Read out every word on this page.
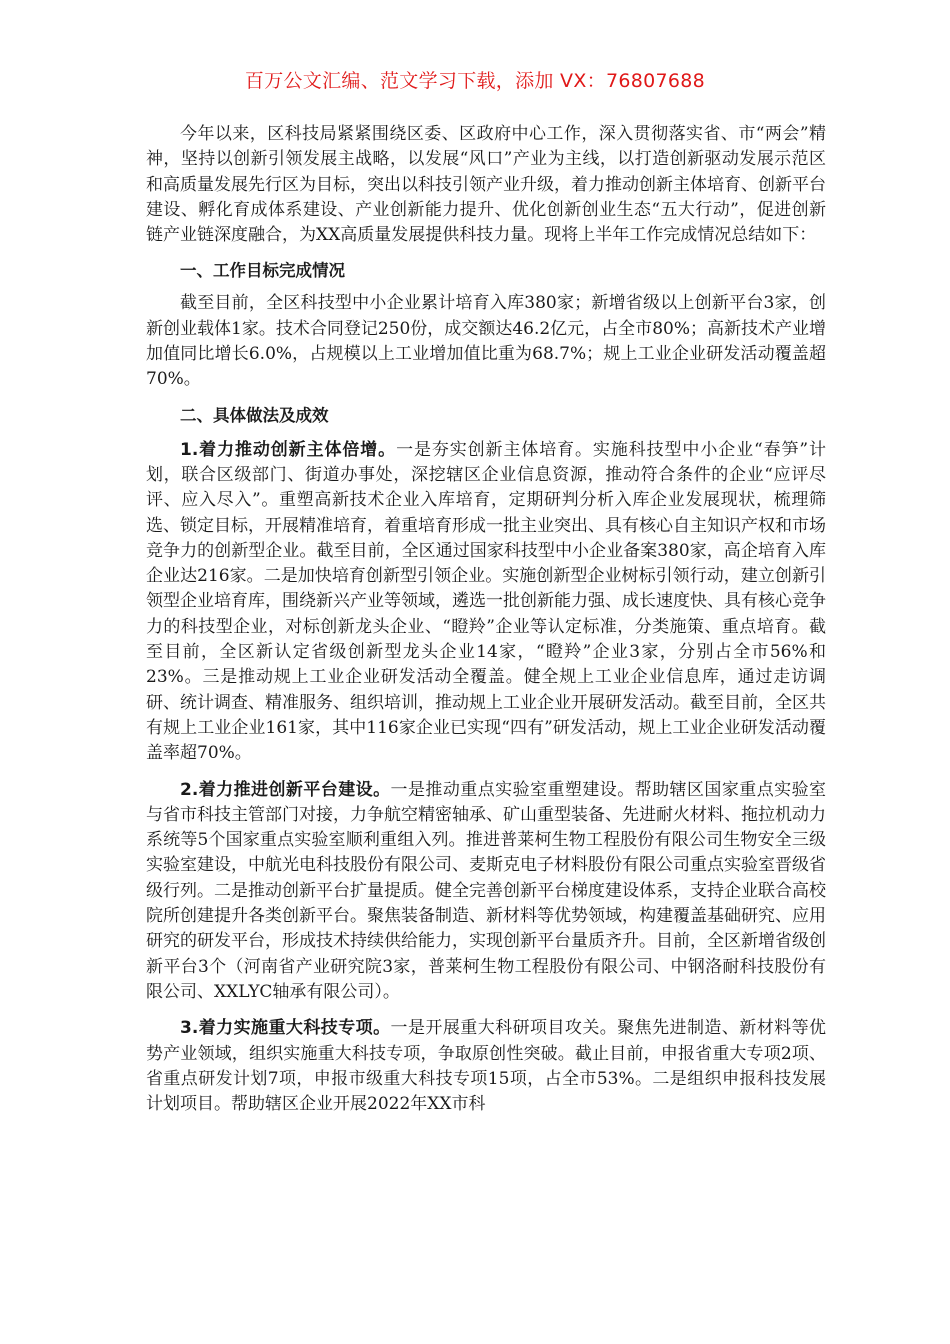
百万公文汇编、范文学习下载，添加 VX：76807688

今年以来，区科技局紧紧围绕区委、区政府中心工作，深入贯彻落实省、市“两会”精神，坚持以创新引领发展主战略，以发展“风口”产业为主线，以打造创新驱动发展示范区和高质量发展先行区为目标，突出以科技引领产业升级，着力推动创新主体培育、创新平台建设、孵化育成体系建设、产业创新能力提升、优化创新创业生态“五大行动”，促进创新链产业链深度融合，为XX高质量发展提供科技力量。现将上半年工作完成情况总结如下：

一、工作目标完成情况

截至目前，全区科技型中小企业累计培育入库380家；新增省级以上创新平台3家，创新创业载体1家。技术合同登记250份，成交额达46.2亿元，占全市80%；高新技术产业增加值同比增长6.0%，占规模以上工业增加值比重为68.7%；规上工业企业研发活动覆盖超70%。

二、具体做法及成效

1.着力推动创新主体倍增。一是夯实创新主体培育。实施科技型中小企业“春笋”计划，联合区级部门、街道办事处，深挖辖区企业信息资源，推动符合条件的企业“应评尽评、应入尽入”。重塑高新技术企业入库培育，定期研判分析入库企业发展现状，梳理筛选、锁定目标，开展精准培育，着重培育形成一批主业突出、具有核心自主知识产权和市场竞争力的创新型企业。截至目前，全区通过国家科技型中小企业备案380家，高企培育入库企业达216家。二是加快培育创新型引领企业。实施创新型企业树标引领行动，建立创新引领型企业培育库，围绕新兴产业等领域，遴选一批创新能力强、成长速度快、具有核心竞争力的科技型企业，对标创新龙头企业、“瞪羚”企业等认定标准，分类施策、重点培育。截至目前，全区新认定省级创新型龙头企业14家，“瞪羚”企业3家，分别占全市56%和23%。三是推动规上工业企业研发活动全覆盖。健全规上工业企业信息库，通过走访调研、统计调查、精准服务、组织培训，推动规上工业企业开展研发活动。截至目前，全区共有规上工业企业161家，其中116家企业已实现“四有”研发活动，规上工业企业研发活动覆盖率超70%。

2.着力推进创新平台建设。一是推动重点实验室重塑建设。帮助辖区国家重点实验室与省市科技主管部门对接，力争航空精密轴承、矿山重型装备、先进耐火材料、拖拉机动力系统等5个国家重点实验室顺利重组入列。推进普莱柯生物工程股份有限公司生物安全三级实验室建设，中航光电科技股份有限公司、麦斯克电子材料股份有限公司重点实验室晋级省级行列。二是推动创新平台扩量提质。健全完善创新平台梯度建设体系，支持企业联合高校院所创建提升各类创新平台。聚焦装备制造、新材料等优势领域，构建覆盖基础研究、应用研究的研发平台，形成技术持续供给能力，实现创新平台量质齐升。目前，全区新增省级创新平台3个（河南省产业研究院3家，普莱柯生物工程股份有限公司、中钢洛耐科技股份有限公司、XXLYC轴承有限公司）。

3.着力实施重大科技专项。一是开展重大科研项目攻关。聚焦先进制造、新材料等优势产业领域，组织实施重大科技专项，争取原创性突破。截止目前，申报省重大专项2项、省重点研发计划7项，申报市级重大科技专项15项，占全市53%。二是组织申报科技发展计划项目。帮助辖区企业开展2022年XX市科
